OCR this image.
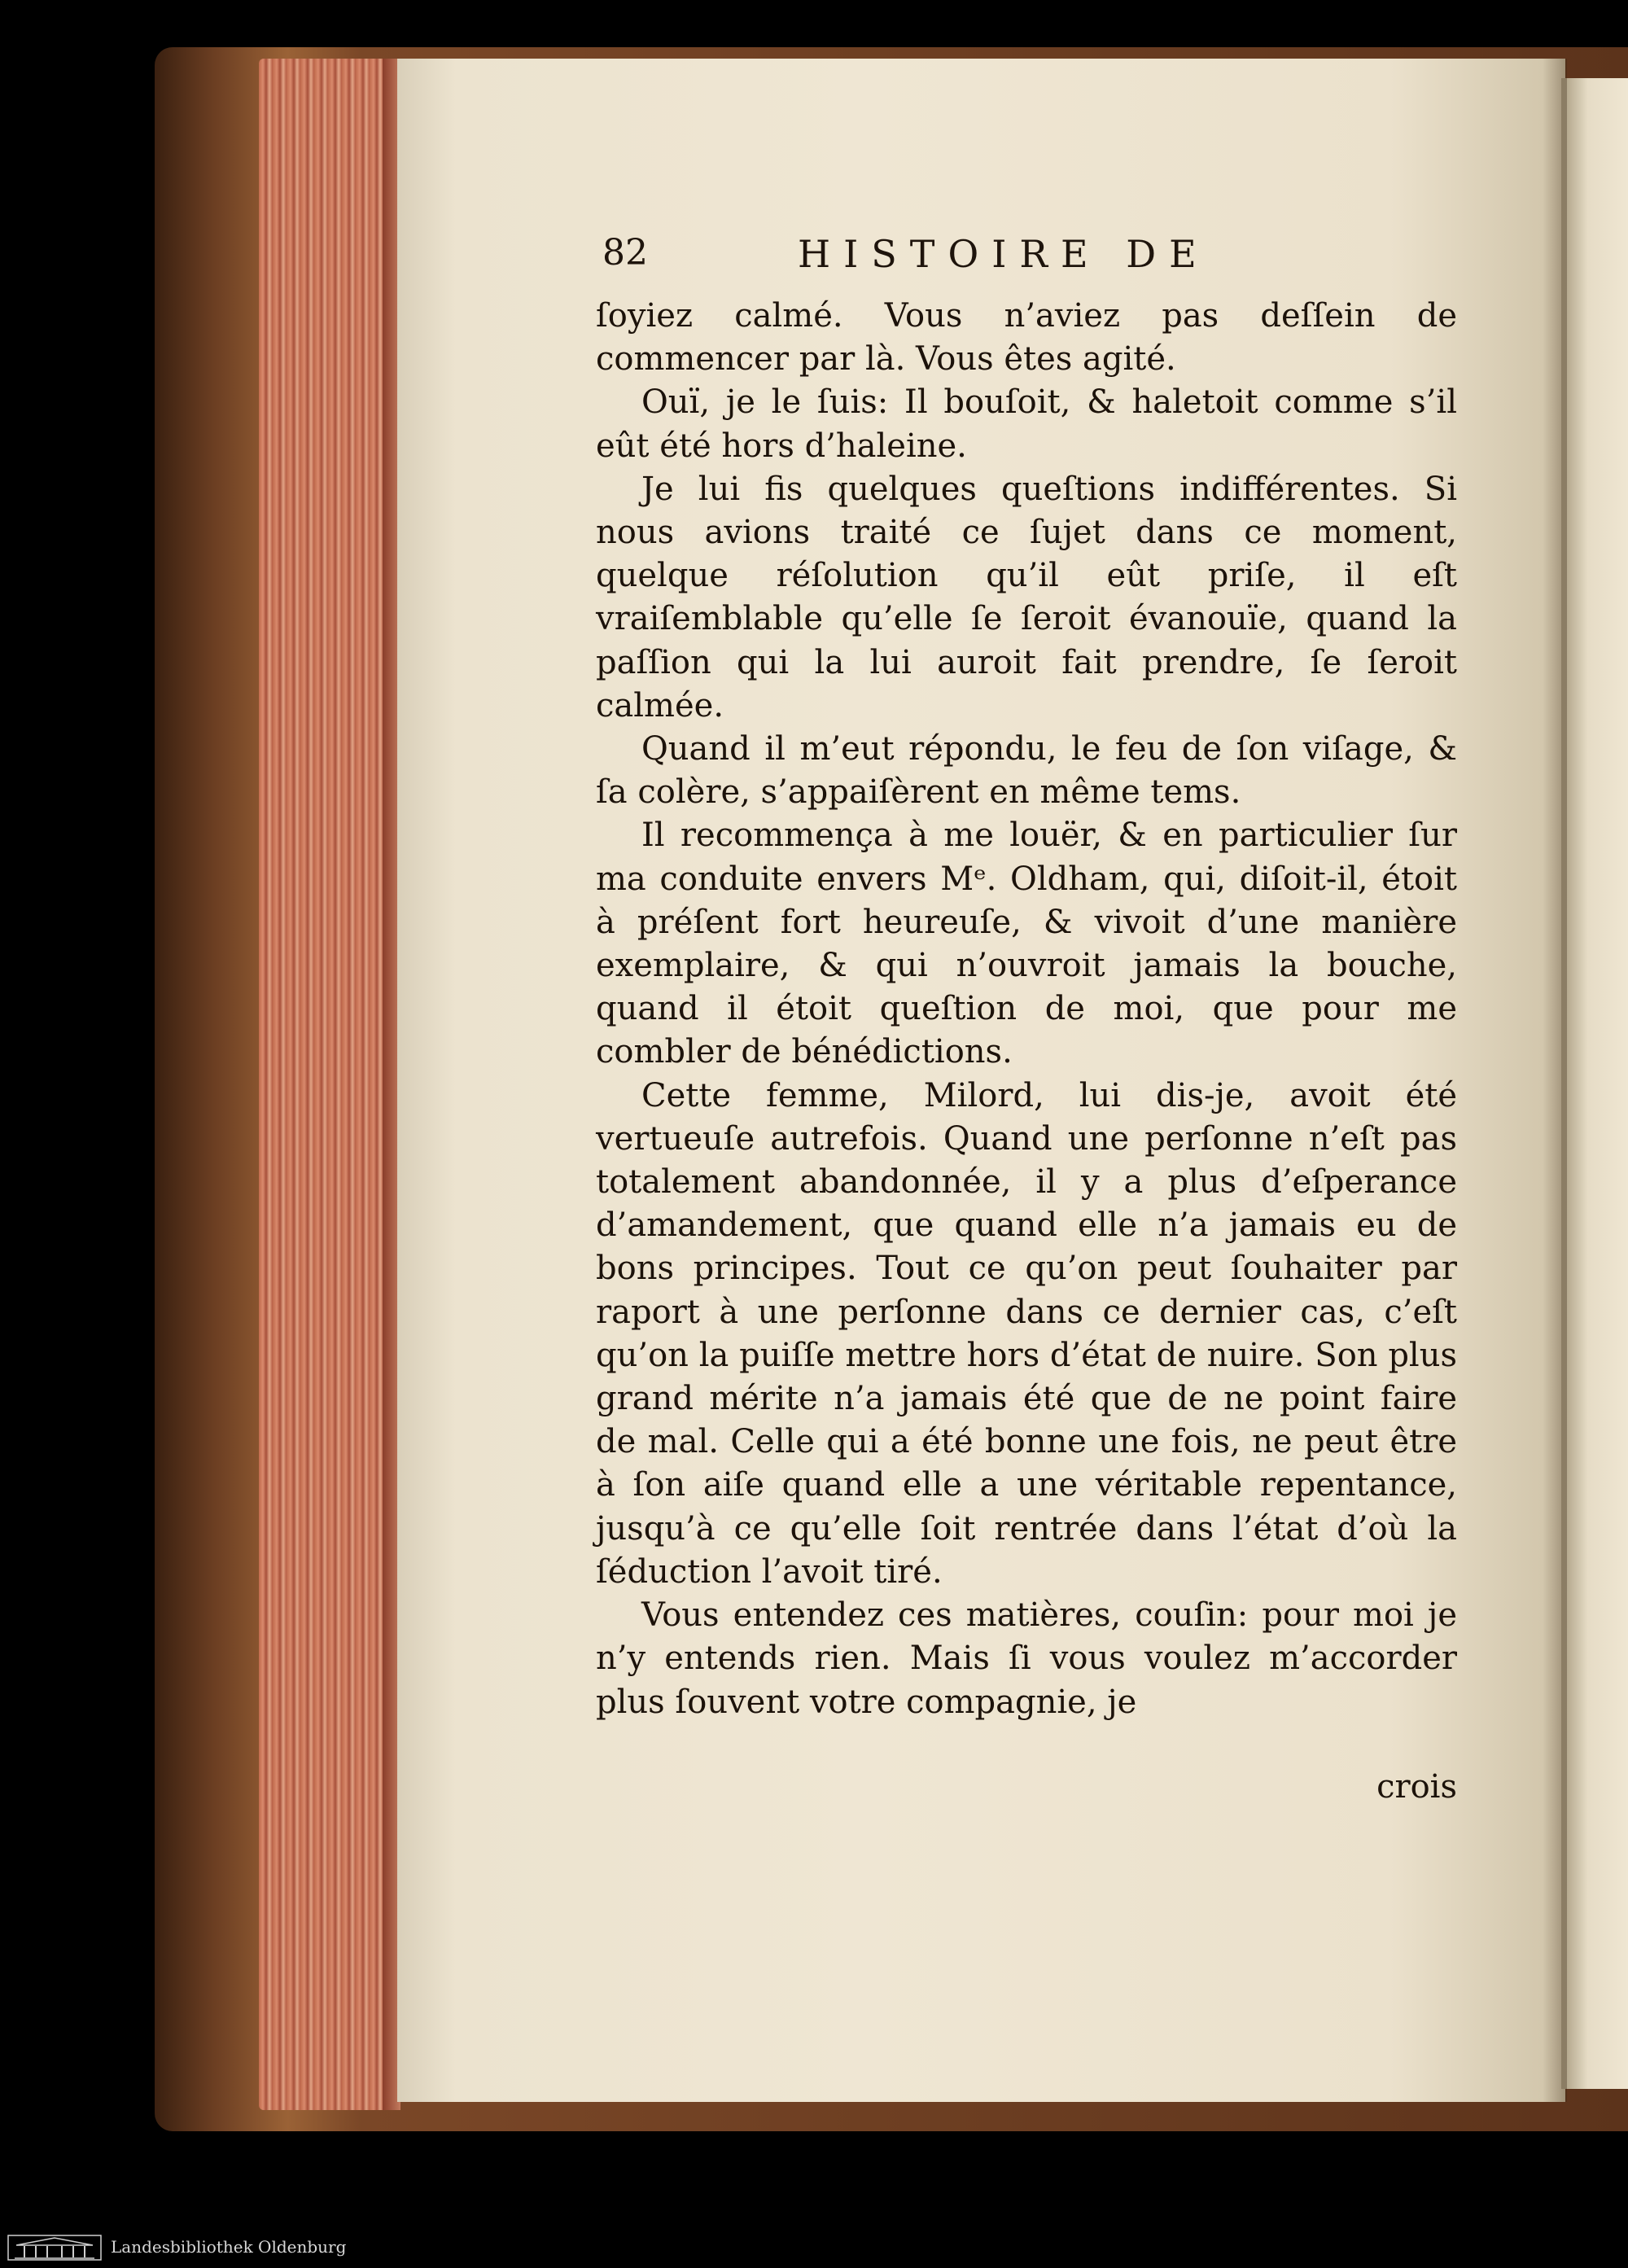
82	HISTOIRE DE

ſoyiez calmé. Vous n’aviez pas deſſein de commencer par là. Vous êtes agité.

Ouï, je le ſuis: Il bouſoit, & haletoit comme s’il eût été hors d’haleine.

Je lui fis quelques queſtions indifférentes. Si nous avions traité ce ſujet dans ce moment, quelque réſolution qu’il eût priſe, il eſt vraiſemblable qu’elle ſe ſeroit évanouïe, quand la paſſion qui la lui auroit fait prendre, ſe ſeroit calmée.

Quand il m’eut répondu, le feu de ſon viſage, & ſa colère, s’appaiſèrent en même tems.

Il recommença à me louër, & en particulier ſur ma conduite envers Mᵉ. Oldham, qui, diſoit-il, étoit à préſent fort heureuſe, & vivoit d’une manière exemplaire, & qui n’ouvroit jamais la bouche, quand il étoit queſtion de moi, que pour me combler de bénédictions.

Cette femme, Milord, lui dis-je, avoit été vertueuſe autrefois. Quand une perſonne n’eſt pas totalement abandonnée, il y a plus d’eſperance d’amandement, que quand elle n’a jamais eu de bons principes. Tout ce qu’on peut ſouhaiter par raport à une perſonne dans ce dernier cas, c’eſt qu’on la puiſſe mettre hors d’état de nuire. Son plus grand mérite n’a jamais été que de ne point faire de mal. Celle qui a été bonne une fois, ne peut être à ſon aiſe quand elle a une véritable repentance, jusqu’à ce qu’elle ſoit rentrée dans l’état d’où la ſéduction l’avoit tiré.

Vous entendez ces matières, couſin: pour moi je n’y entends rien. Mais ſi vous voulez m’accorder plus ſouvent votre compagnie, je

crois
Landesbibliothek Oldenburg
